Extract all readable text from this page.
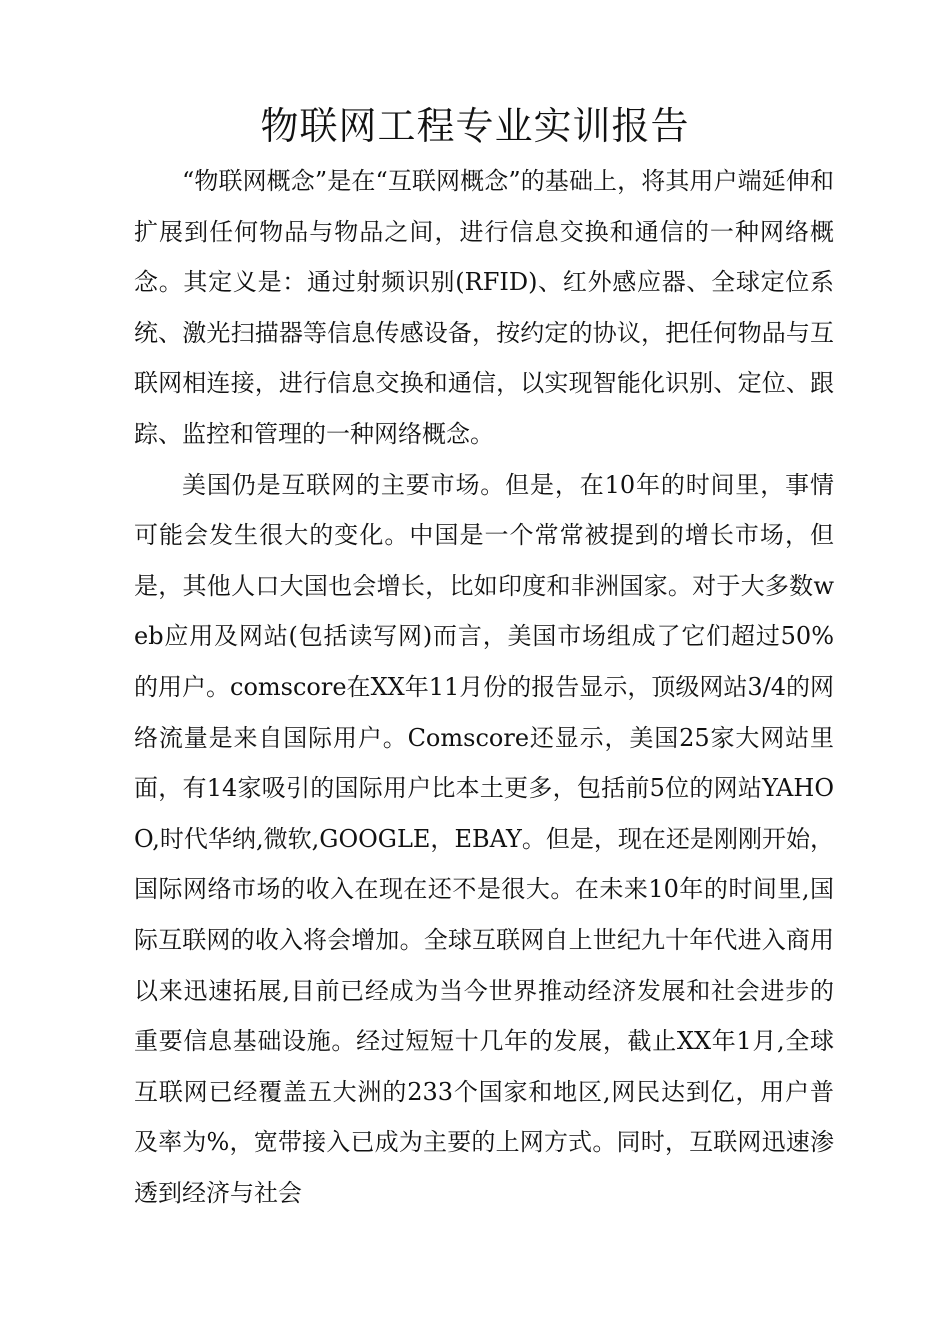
物联网工程专业实训报告

“物联网概念”是在“互联网概念”的基础上，将其用户端延伸和扩展到任何物品与物品之间，进行信息交换和通信的一种网络概念。其定义是：通过射频识别(RFID)、红外感应器、全球定位系统、激光扫描器等信息传感设备，按约定的协议，把任何物品与互联网相连接，进行信息交换和通信，以实现智能化识别、定位、跟踪、监控和管理的一种网络概念。

美国仍是互联网的主要市场。但是，在10年的时间里，事情可能会发生很大的变化。中国是一个常常被提到的增长市场，但是，其他人口大国也会增长，比如印度和非洲国家。对于大多数web应用及网站(包括读写网)而言，美国市场组成了它们超过50%的用户。comscore在XX年11月份的报告显示，顶级网站3/4的网络流量是来自国际用户。Comscore还显示，美国25家大网站里面，有14家吸引的国际用户比本土更多，包括前5位的网站YAHOO,时代华纳,微软,GOOGLE，EBAY。但是，现在还是刚刚开始，国际网络市场的收入在现在还不是很大。在未来10年的时间里,国际互联网的收入将会增加。全球互联网自上世纪九十年代进入商用以来迅速拓展,目前已经成为当今世界推动经济发展和社会进步的重要信息基础设施。经过短短十几年的发展，截止XX年1月,全球互联网已经覆盖五大洲的233个国家和地区,网民达到亿，用户普及率为%，宽带接入已成为主要的上网方式。同时，互联网迅速渗透到经济与社会
